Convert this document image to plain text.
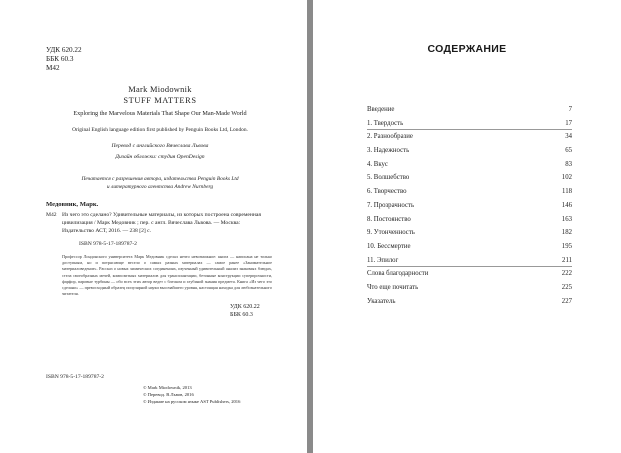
УДК 620.22
ББК 60.3
М42
Mark Miodownik
STUFF MATTERS
Exploring the Marvelous Materials That Shape Our Man-Made World
Original English language edition first published by Penguin Books Ltd, London.
Перевод с английского Вячеслава Львова
Дизайн обложки: студия OpenDesign
Печатается с разрешения автора, издательства Penguin Books Ltd
и литературного агентства Andrew Nurnberg
Медовник, Марк.
М42 Из чего это сделано? Удивительные материалы, из которых построена современная цивилизация / Марк Медовник ; пер. с англ. Вячеслава Львова. — Москва: Издательство АСТ, 2016. — 238 [2] с.
ISBN 978-5-17-189787-2
Профессор Лондонского университета Марк Медовник сделал нечто невозможное: книга — написана не только доступным, но и потрясающе весело о самых разных материалах — самое ранее «Занимательное материаловедение». Рассказ о новых химических соединениях, изученный удивительный анализ знакомых блюдах, стела своеобразных мечей, композитных материалов для трансплантации, бетонные конструкции суперпрочности, фарфор, паровые турбины — обо всех этих автор ведет с блеском и глубиной знания предмета. Книга «Из чего это сделано» — превосходный образец популярной науки высочайшего уровня, настоящая находка для любознательного читателя.
УДК 620.22
ББК 60.3
ISBN 978-5-17-189787-2
© Mark Miodownik, 2013
© Перевод. В.Львов, 2016
© Издание на русском языке AST Publishers, 2016
СОДЕРЖАНИЕ
Введение	7
1. Твердость	17
2. Разнообразие	34
3. Надежность	65
4. Вкус	83
5. Волшебство	102
6. Творчество	118
7. Прозрачность	146
8. Постоянство	163
9. Утонченность	182
10. Бессмертие	195
11. Эпилог	211
Слова благодарности	222
Что еще почитать	225
Указатель	227
